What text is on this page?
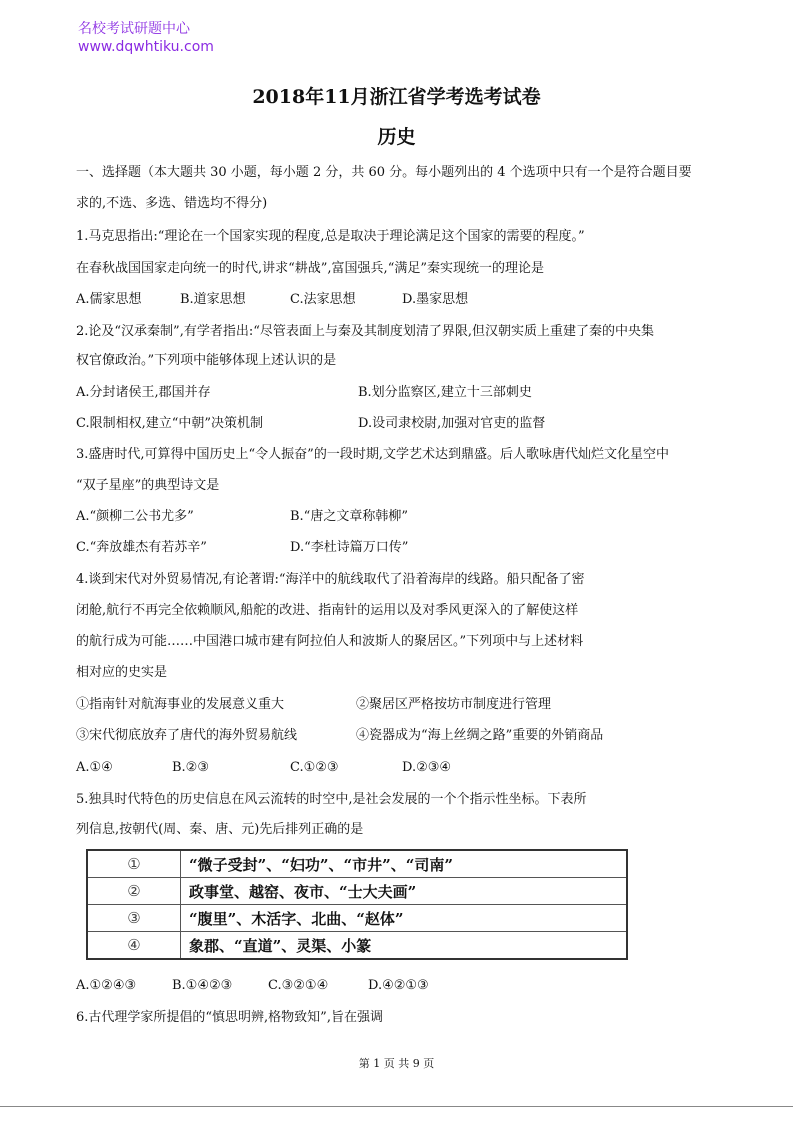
名校考试研题中心
www.dqwhtiku.com
2018年11月浙江省学考选考试卷
历史
一、选择题（本大题共 30 小题，每小题 2 分，共 60 分。每小题列出的 4 个选项中只有一个是符合题目要
求的,不选、多选、错选均不得分)
1.马克思指出:“理论在一个国家实现的程度,总是取决于理论满足这个国家的需要的程度。”
在春秋战国国家走向统一的时代,讲求“耕战”,富国强兵,“满足”秦实现统一的理论是
A.儒家思想	B.道家思想	C.法家思想	D.墨家思想
2.论及“汉承秦制”,有学者指出:“尽管表面上与秦及其制度划清了界限,但汉朝实质上重建了秦的中央集
权官僚政治。”下列项中能够体现上述认识的是
A.分封诸侯王,郡国并存	B.划分监察区,建立十三部刺史
C.限制相权,建立“中朝”决策机制	D.设司隶校尉,加强对官吏的监督
3.盛唐时代,可算得中国历史上“令人振奋”的一段时期,文学艺术达到鼎盛。后人歌咏唐代灿烂文化星空中
“双子星座”的典型诗文是
A.“颜柳二公书尤多”	B.“唐之文章称韩柳”
C.“奔放雄杰有若苏辛”	D.“李杜诗篇万口传”
4.谈到宋代对外贸易情况,有论著谓:“海洋中的航线取代了沿着海岸的线路。船只配备了密
闭舱,航行不再完全依赖顺风,船舵的改进、指南针的运用以及对季风更深入的了解使这样
的航行成为可能……中国港口城市建有阿拉伯人和波斯人的聚居区。”下列项中与上述材料
相对应的史实是
①指南针对航海事业的发展意义重大	②聚居区严格按坊市制度进行管理
③宋代彻底放弃了唐代的海外贸易航线	④瓷器成为“海上丝绸之路”重要的外销商品
A.①④	B.②③	C.①②③	D.②③④
5.独具时代特色的历史信息在风云流转的时空中,是社会发展的一个个指示性坐标。下表所
列信息,按朝代(周、秦、唐、元)先后排列正确的是
①	“微子受封”、“妇功”、“市井”、“司南”
②	政事堂、越窑、夜市、“士大夫画”
③	“腹里”、木活字、北曲、“赵体”
④	象郡、“直道”、灵渠、小篆
A.①②④③	B.①④②③	C.③②①④	D.④②①③
6.古代理学家所提倡的“慎思明辨,格物致知”,旨在强调
第 1 页 共 9 页
